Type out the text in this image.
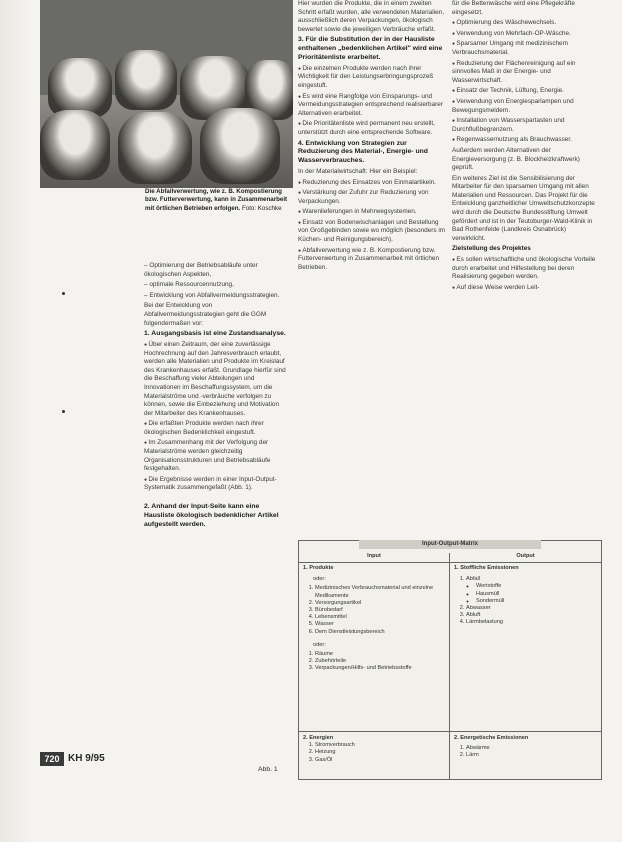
Die Abfallverwertung, wie z. B. Kompostierung bzw. Futterverwertung, kann in Zusammenarbeit mit örtlichen Betrieben erfolgen. Foto: Koschke

– Optimierung der Betriebsabläufe unter ökologischen Aspekten,

– optimale Ressourcennutzung,

– Entwicklung von Abfallvermeidungsstrategien.

Bei der Entwicklung von Abfallvermeidungsstrategien geht die GGM folgendermaßen vor:

1. Ausgangsbasis ist eine Zustandsanalyse.

● Über einen Zeitraum, der eine zuverlässige Hochrechnung auf den Jahresverbrauch erlaubt, werden alle Materialien und Produkte im Kreislauf des Krankenhauses erfaßt. Grundlage hierfür sind die Beschaffung vieler Abteilungen und Innovationen im Beschaffungssystem, um die Materialströme und -verbräuche verfolgen zu können, sowie die Einbeziehung und Motivation der Mitarbeiter des Krankenhauses.

● Die erfaßten Produkte werden nach ihrer ökologischen Bedenklichkeit eingestuft.

● Im Zusammenhang mit der Verfolgung der Materialströme werden gleichzeitig Organisationsstrukturen und Betriebsabläufe festgehalten.

● Die Ergebnisse werden in einer Input-Output-Systematik zusammengefaßt (Abb. 1).

2. Anhand der Input-Seite kann eine Hausliste ökologisch bedenklicher Artikel aufgestellt werden.

Hier wurden die Produkte, die in einem zweiten Schritt erfaßt wurden, alle verwendeten Materialien, ausschließlich deren Verpackungen, ökologisch bewertet sowie die jeweiligen Verbräuche erfaßt.

3. Für die Substitution der in der Hausliste enthaltenen „bedenklichen Artikel" wird eine Prioritätenliste erarbeitet.

● Die einzelnen Produkte werden nach ihrer Wichtigkeit für den Leistungserbringungsprozeß eingestuft.

● Es wird eine Rangfolge von Einsparungs- und Vermeidungsstrategien entsprechend realisierbarer Alternativen erarbeitet.

● Die Prioritätenliste wird permanent neu erstellt, unterstützt durch eine entsprechende Software.

4. Entwicklung von Strategien zur Reduzierung des Material-, Energie- und Wasserverbrauches.

In der Materialwirtschaft: Hier ein Beispiel:

● Reduzierung des Einsatzes von Einmalartikeln.

● Verstärkung der Zufuhr zur Reduzierung von Verpackungen.

● Warenlieferungen in Mehrwegsystemen.

● Einsatz von Bodenwischanlagen und Bestellung von Großgebinden sowie wo möglich (besonders im Küchen- und Reinigungsbereich).

● Abfallverwertung wie z. B. Kompostierung bzw. Futterverwertung in Zusammenarbeit mit örtlichen Betrieben.

für die Bettenwäsche wird eine Pflegekräfte eingesetzt.

● Optimierung des Wäschewechsels.

● Verwendung von Mehrfach-OP-Wäsche.

● Sparsamer Umgang mit medizinischem Verbrauchsmaterial.

● Reduzierung der Flächenreinigung auf ein sinnvolles Maß in der Energie- und Wasserwirtschaft.

● Einsatz der Technik, Lüftung, Energie.

● Verwendung von Energiesparlampen und Bewegungsmeldern.

● Installation von Wasserspartasten und Durchflußbegrenzern.

● Regenwassernutzung als Brauchwasser.

Außerdem werden Alternativen der Energieversorgung (z. B. Blockheizkraftwerk) geprüft.

Ein weiteres Ziel ist die Sensibilisierung der Mitarbeiter für den sparsamen Umgang mit allen Materialien und Ressourcen. Das Projekt für die Entwicklung ganzheitlicher Umweltschutzkonzepte wird durch die Deutsche Bundesstiftung Umwelt gefördert und ist in der Teutoburger-Wald-Klinik in Bad Rothenfelde (Landkreis Osnabrück) verwirklicht.

Zielstellung des Projektes

● Es sollen wirtschaftliche und ökologische Vorteile durch erarbeitet und Hilfestellung bei deren Realisierung gegeben werden.

● Auf diese Weise werden Leit-

Input-Output-Matrix
Input	Output
1. Produkte
oder:
1. Medizinisches Verbrauchsmaterial und einzelne Medikamente
2. Versorgungsartikel
3. Bürobedarf
4. Lebensmittel
5. Wasser
6. Dem Dienstleistungsbereich
oder:
1. Räume
2. Zubehörteile
3. Verpackungen/Hilfs- und Betriebsstoffe
2. Energien
1. Stromverbrauch
2. Heizung
3. Gas/Öl
1. Stoffliche Emissionen
1. Abfall
◦ Wertstoffe
◦ Hausmüll
◦ Sondermüll
2. Abwasser
3. Abluft
4. Lärmbelastung
2. Energetische Emissionen
1. Abwärme
2. Lärm
720 KH 9/95
Abb. 1
